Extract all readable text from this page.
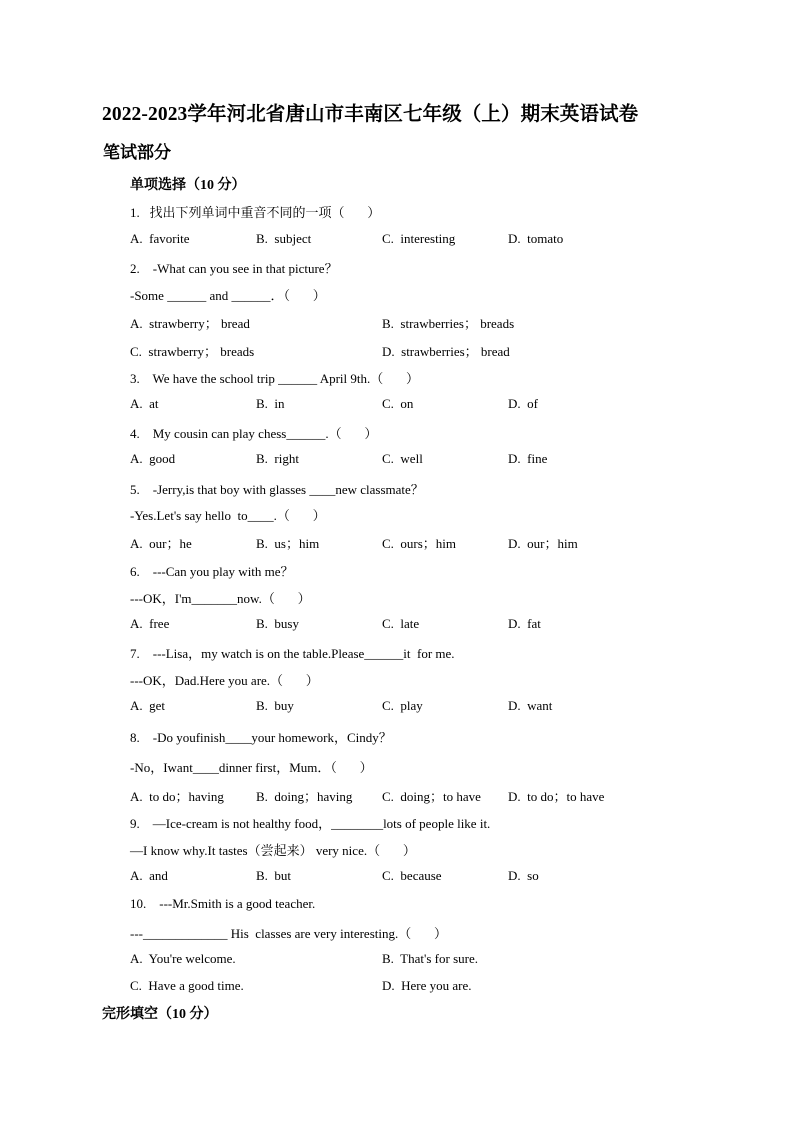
2022-2023学年河北省唐山市丰南区七年级（上）期末英语试卷
笔试部分
单项选择（10 分）
1.   找出下列单词中重音不同的一项（       ）
A.  favorite	B.  subject	C.  interesting	D.  tomato
2.    -What can you see in that picture？
-Some ______ and ______．（       ）
A.  strawberry； bread	B.  strawberries； breads
C.  strawberry； breads	D.  strawberries； bread
3.    We have the school trip ______ April 9th.（       ）
A.  at	B.  in	C.  on	D.  of
4.    My cousin can play chess______.（       ）
A.  good	B.  right	C.  well	D.  fine
5.    -Jerry,is that boy with glasses ____new classmate？
-Yes.Let's say hello  to____.（       ）
A.  our；he	B.  us；him	C.  ours；him	D.  our；him
6.    ---Can you play with me？
---OK，I'm_______now.（       ）
A.  free	B.  busy	C.  late	D.  fat
7.    ---Lisa，my watch is on the table.Please______it  for me.
---OK，Dad.Here you are.（       ）
A.  get	B.  buy	C.  play	D.  want
8.    -Do youfinish____your homework，Cindy？
-No，Iwant____dinner first，Mum．（       ）
A.  to do；having B.  doing；having C.  doing；to have D.  to do；to have
9.    —Ice-cream is not healthy food，________lots of people like it.
—I know why.It tastes（尝起来） very nice.（       ）
A.  and	B.  but	C.  because	D.  so
10.    ---Mr.Smith is a good teacher.
---_____________ His  classes are very interesting.（       ）
A.  You're welcome.	B.  That's for sure.
C.  Have a good time.	D.  Here you are.
完形填空（10 分）
